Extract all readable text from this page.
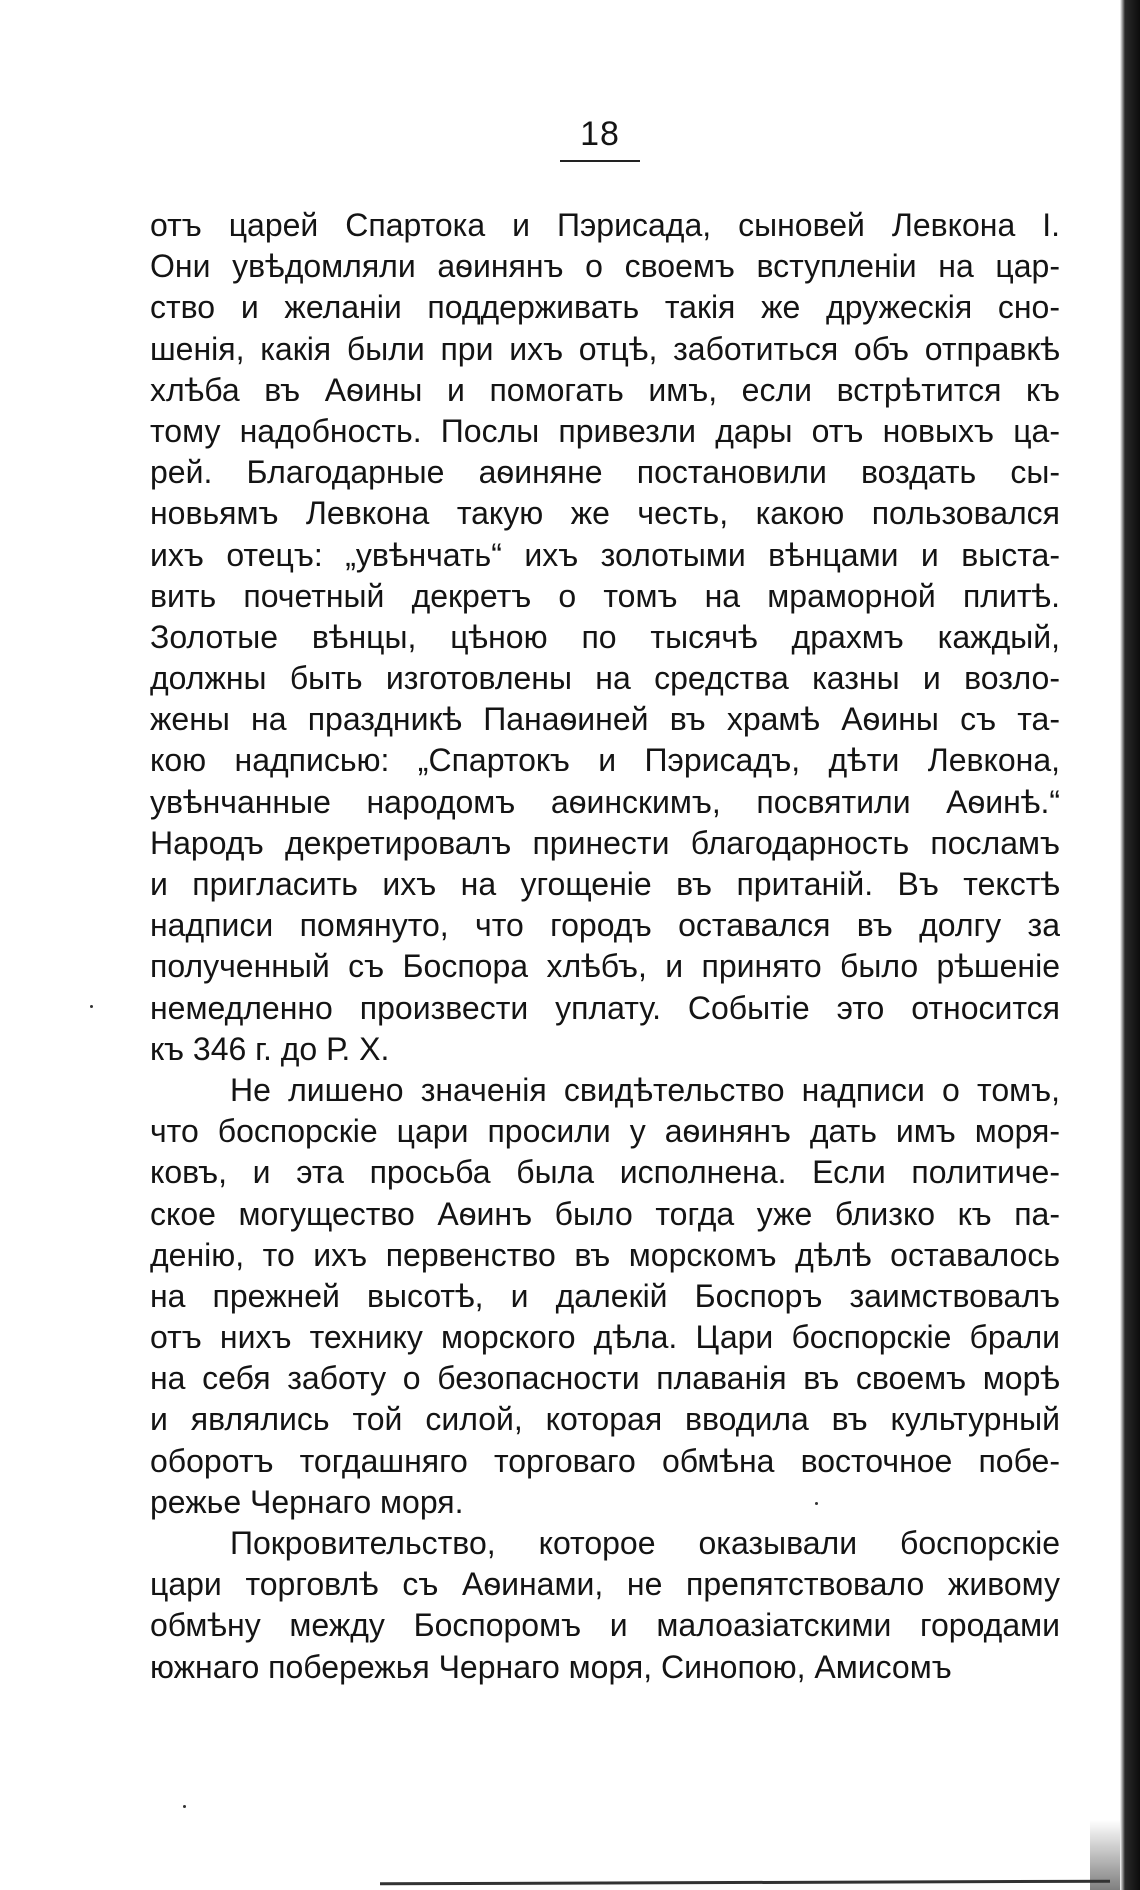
18
отъ царей Спартока и Пэрисада, сыновей Левкона I.
Они увѣдомляли аѳинянъ о своемъ вступленіи на цар-
ство и желаніи поддерживать такія же дружескія сно-
шенія, какія были при ихъ отцѣ, заботиться объ отправкѣ
хлѣба въ Аѳины и помогать имъ, если встрѣтится къ
тому надобность. Послы привезли дары отъ новыхъ ца-
рей. Благодарные аѳиняне постановили воздать сы-
новьямъ Левкона такую же честь, какою пользовался
ихъ отецъ: „увѣнчать“ ихъ золотыми вѣнцами и выста-
вить почетный декретъ о томъ на мраморной плитѣ.
Золотые вѣнцы, цѣною по тысячѣ драхмъ каждый,
должны быть изготовлены на средства казны и возло-
жены на праздникѣ Панаѳиней въ храмѣ Аѳины съ та-
кою надписью: „Спартокъ и Пэрисадъ, дѣти Левкона,
увѣнчанные народомъ аѳинскимъ, посвятили Аѳинѣ.“
Народъ декретировалъ принести благодарность посламъ
и пригласить ихъ на угощеніе въ пританій. Въ текстѣ
надписи помянуто, что городъ оставался въ долгу за
полученный съ Боспора хлѣбъ, и принято было рѣшеніе
немедленно произвести уплату. Событіе это относится
къ 346 г. до Р. Х.
Не лишено значенія свидѣтельство надписи о томъ,
что боспорскіе цари просили у аѳинянъ дать имъ моря-
ковъ, и эта просьба была исполнена. Если политиче-
ское могущество Аѳинъ было тогда уже близко къ па-
денію, то ихъ первенство въ морскомъ дѣлѣ оставалось
на прежней высотѣ, и далекій Боспоръ заимствовалъ
отъ нихъ технику морского дѣла. Цари боспорскіе брали
на себя заботу о безопасности плаванія въ своемъ морѣ
и являлись той силой, которая вводила въ культурный
оборотъ тогдашняго торговаго обмѣна восточное побе-
режье Чернаго моря.
Покровительство, которое оказывали боспорскіе
цари торговлѣ съ Аѳинами, не препятствовало живому
обмѣну между Боспоромъ и малоазіатскими городами
южнаго побережья Чернаго моря, Синопою, Амисомъ
